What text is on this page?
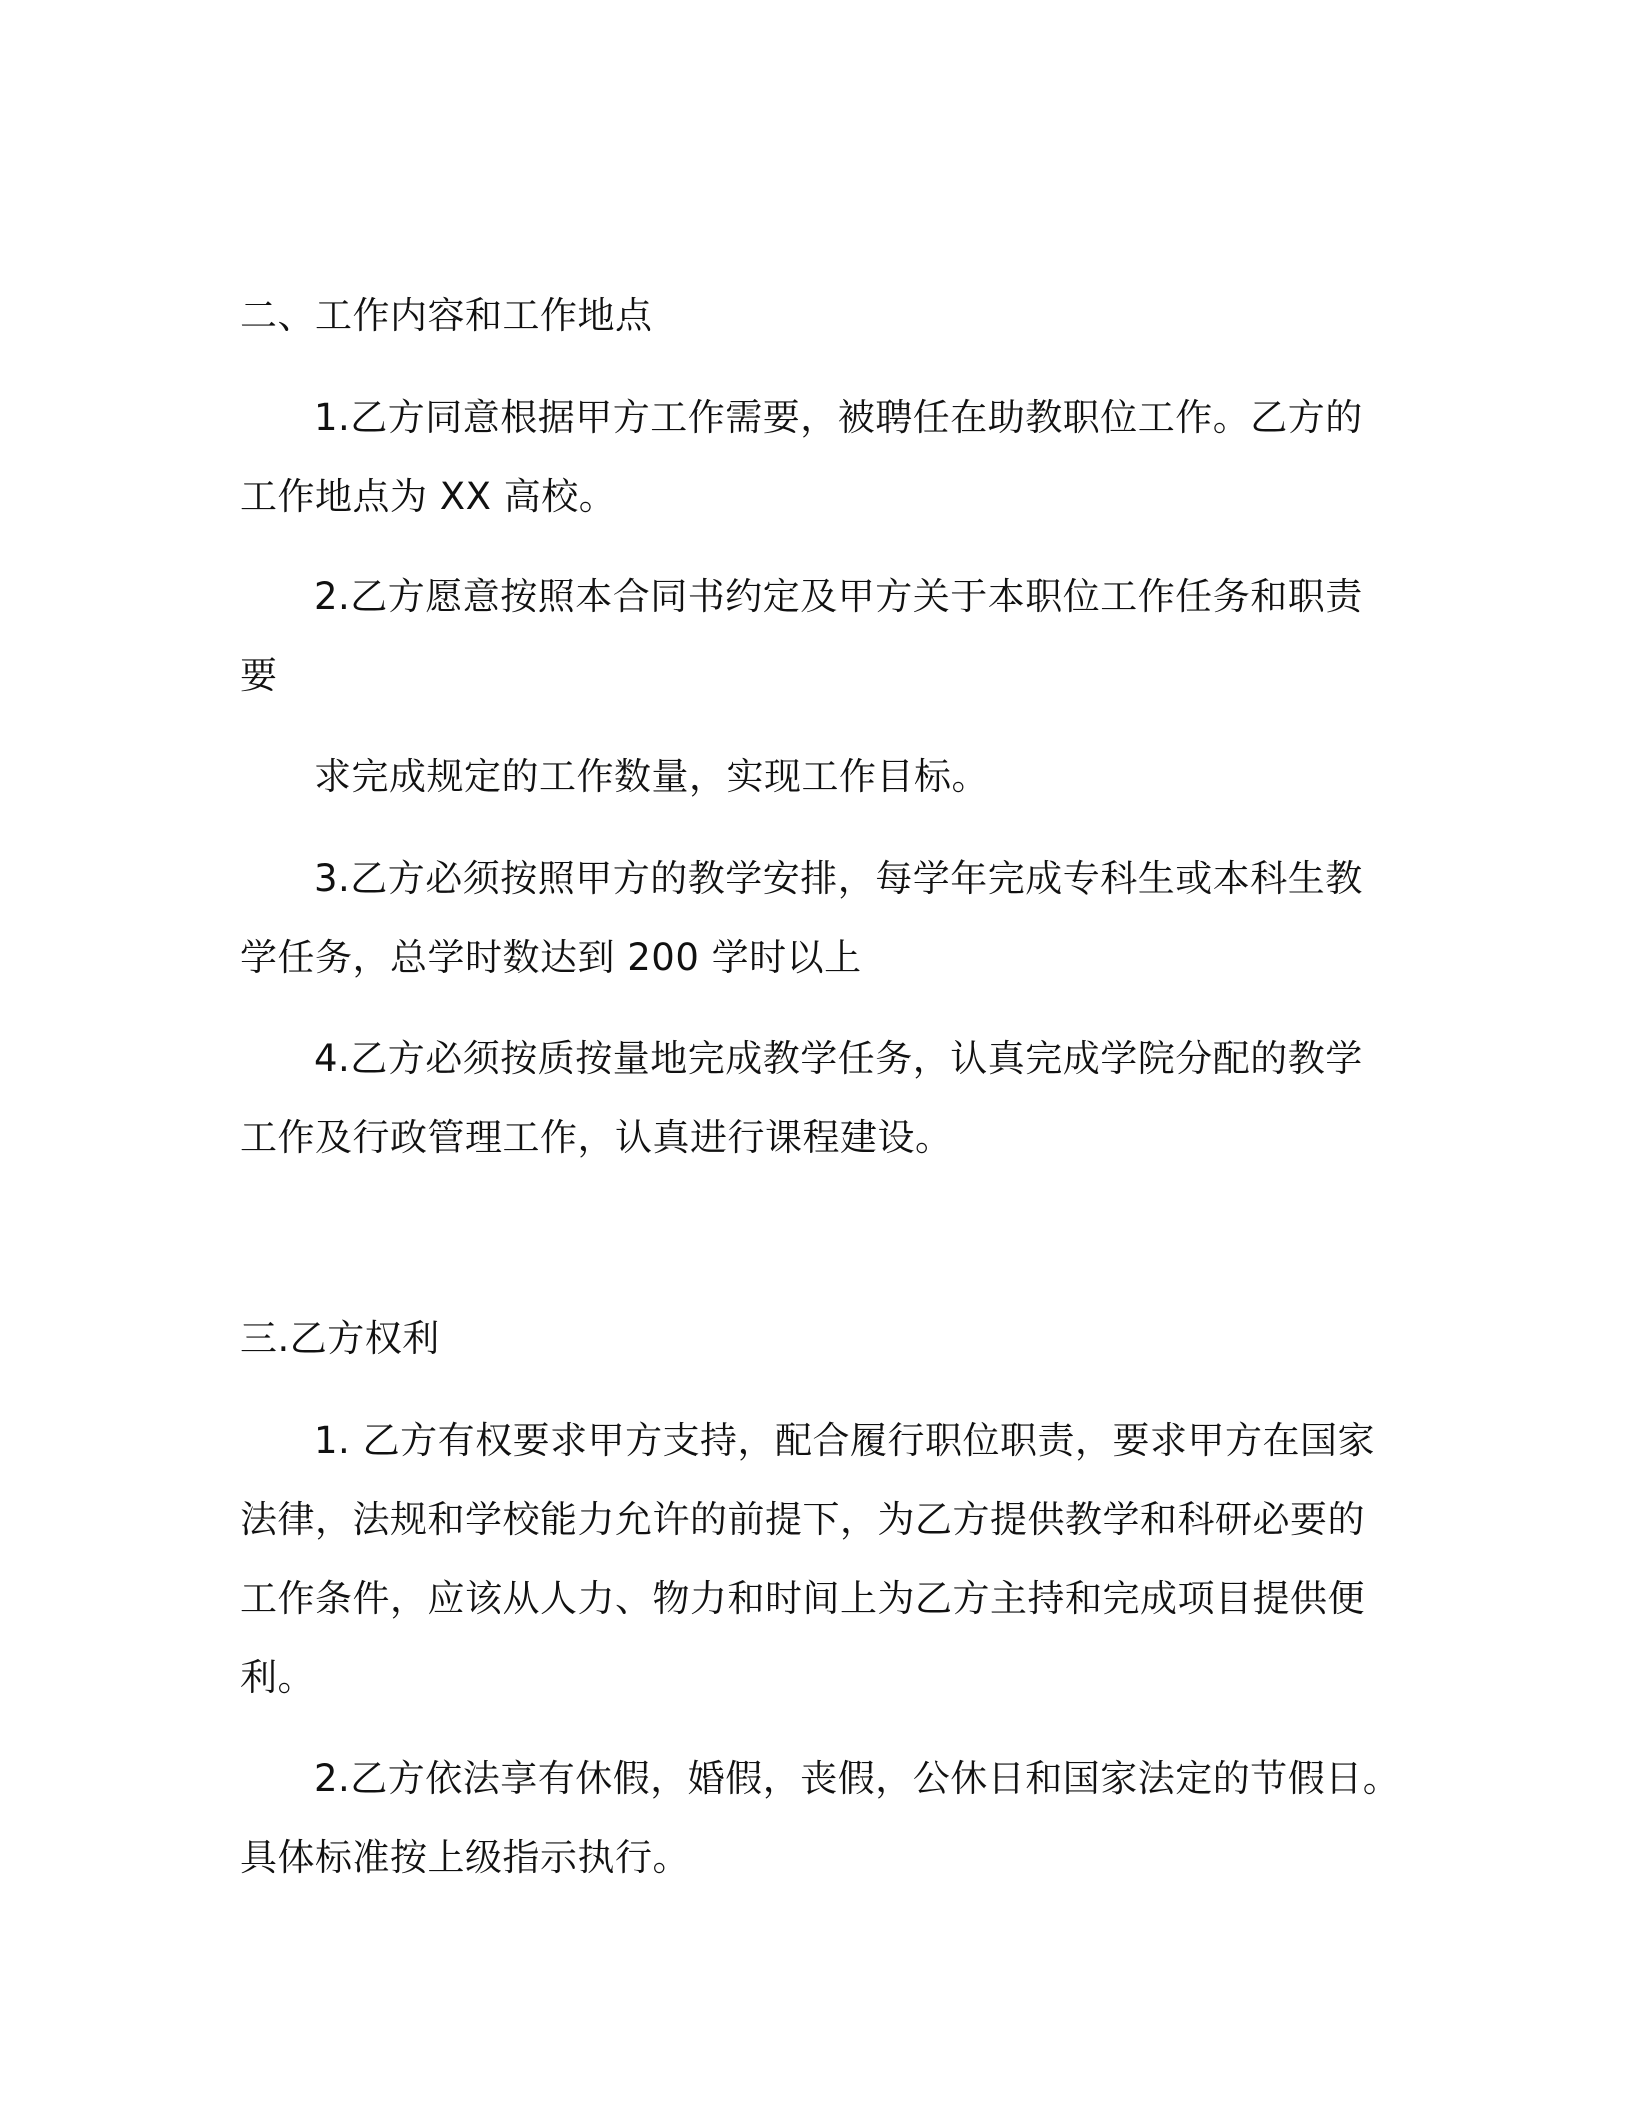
二、工作内容和工作地点
1.乙方同意根据甲方工作需要，被聘任在助教职位工作。乙方的
工作地点为 XX 高校。
2.乙方愿意按照本合同书约定及甲方关于本职位工作任务和职责
要
求完成规定的工作数量，实现工作目标。
3.乙方必须按照甲方的教学安排，每学年完成专科生或本科生教
学任务，总学时数达到 200 学时以上
4.乙方必须按质按量地完成教学任务，认真完成学院分配的教学
工作及行政管理工作，认真进行课程建设。
三.乙方权利
1. 乙方有权要求甲方支持，配合履行职位职责，要求甲方在国家
法律，法规和学校能力允许的前提下，为乙方提供教学和科研必要的
工作条件，应该从人力、物力和时间上为乙方主持和完成项目提供便
利。
2.乙方依法享有休假，婚假，丧假，公休日和国家法定的节假日。
具体标准按上级指示执行。
